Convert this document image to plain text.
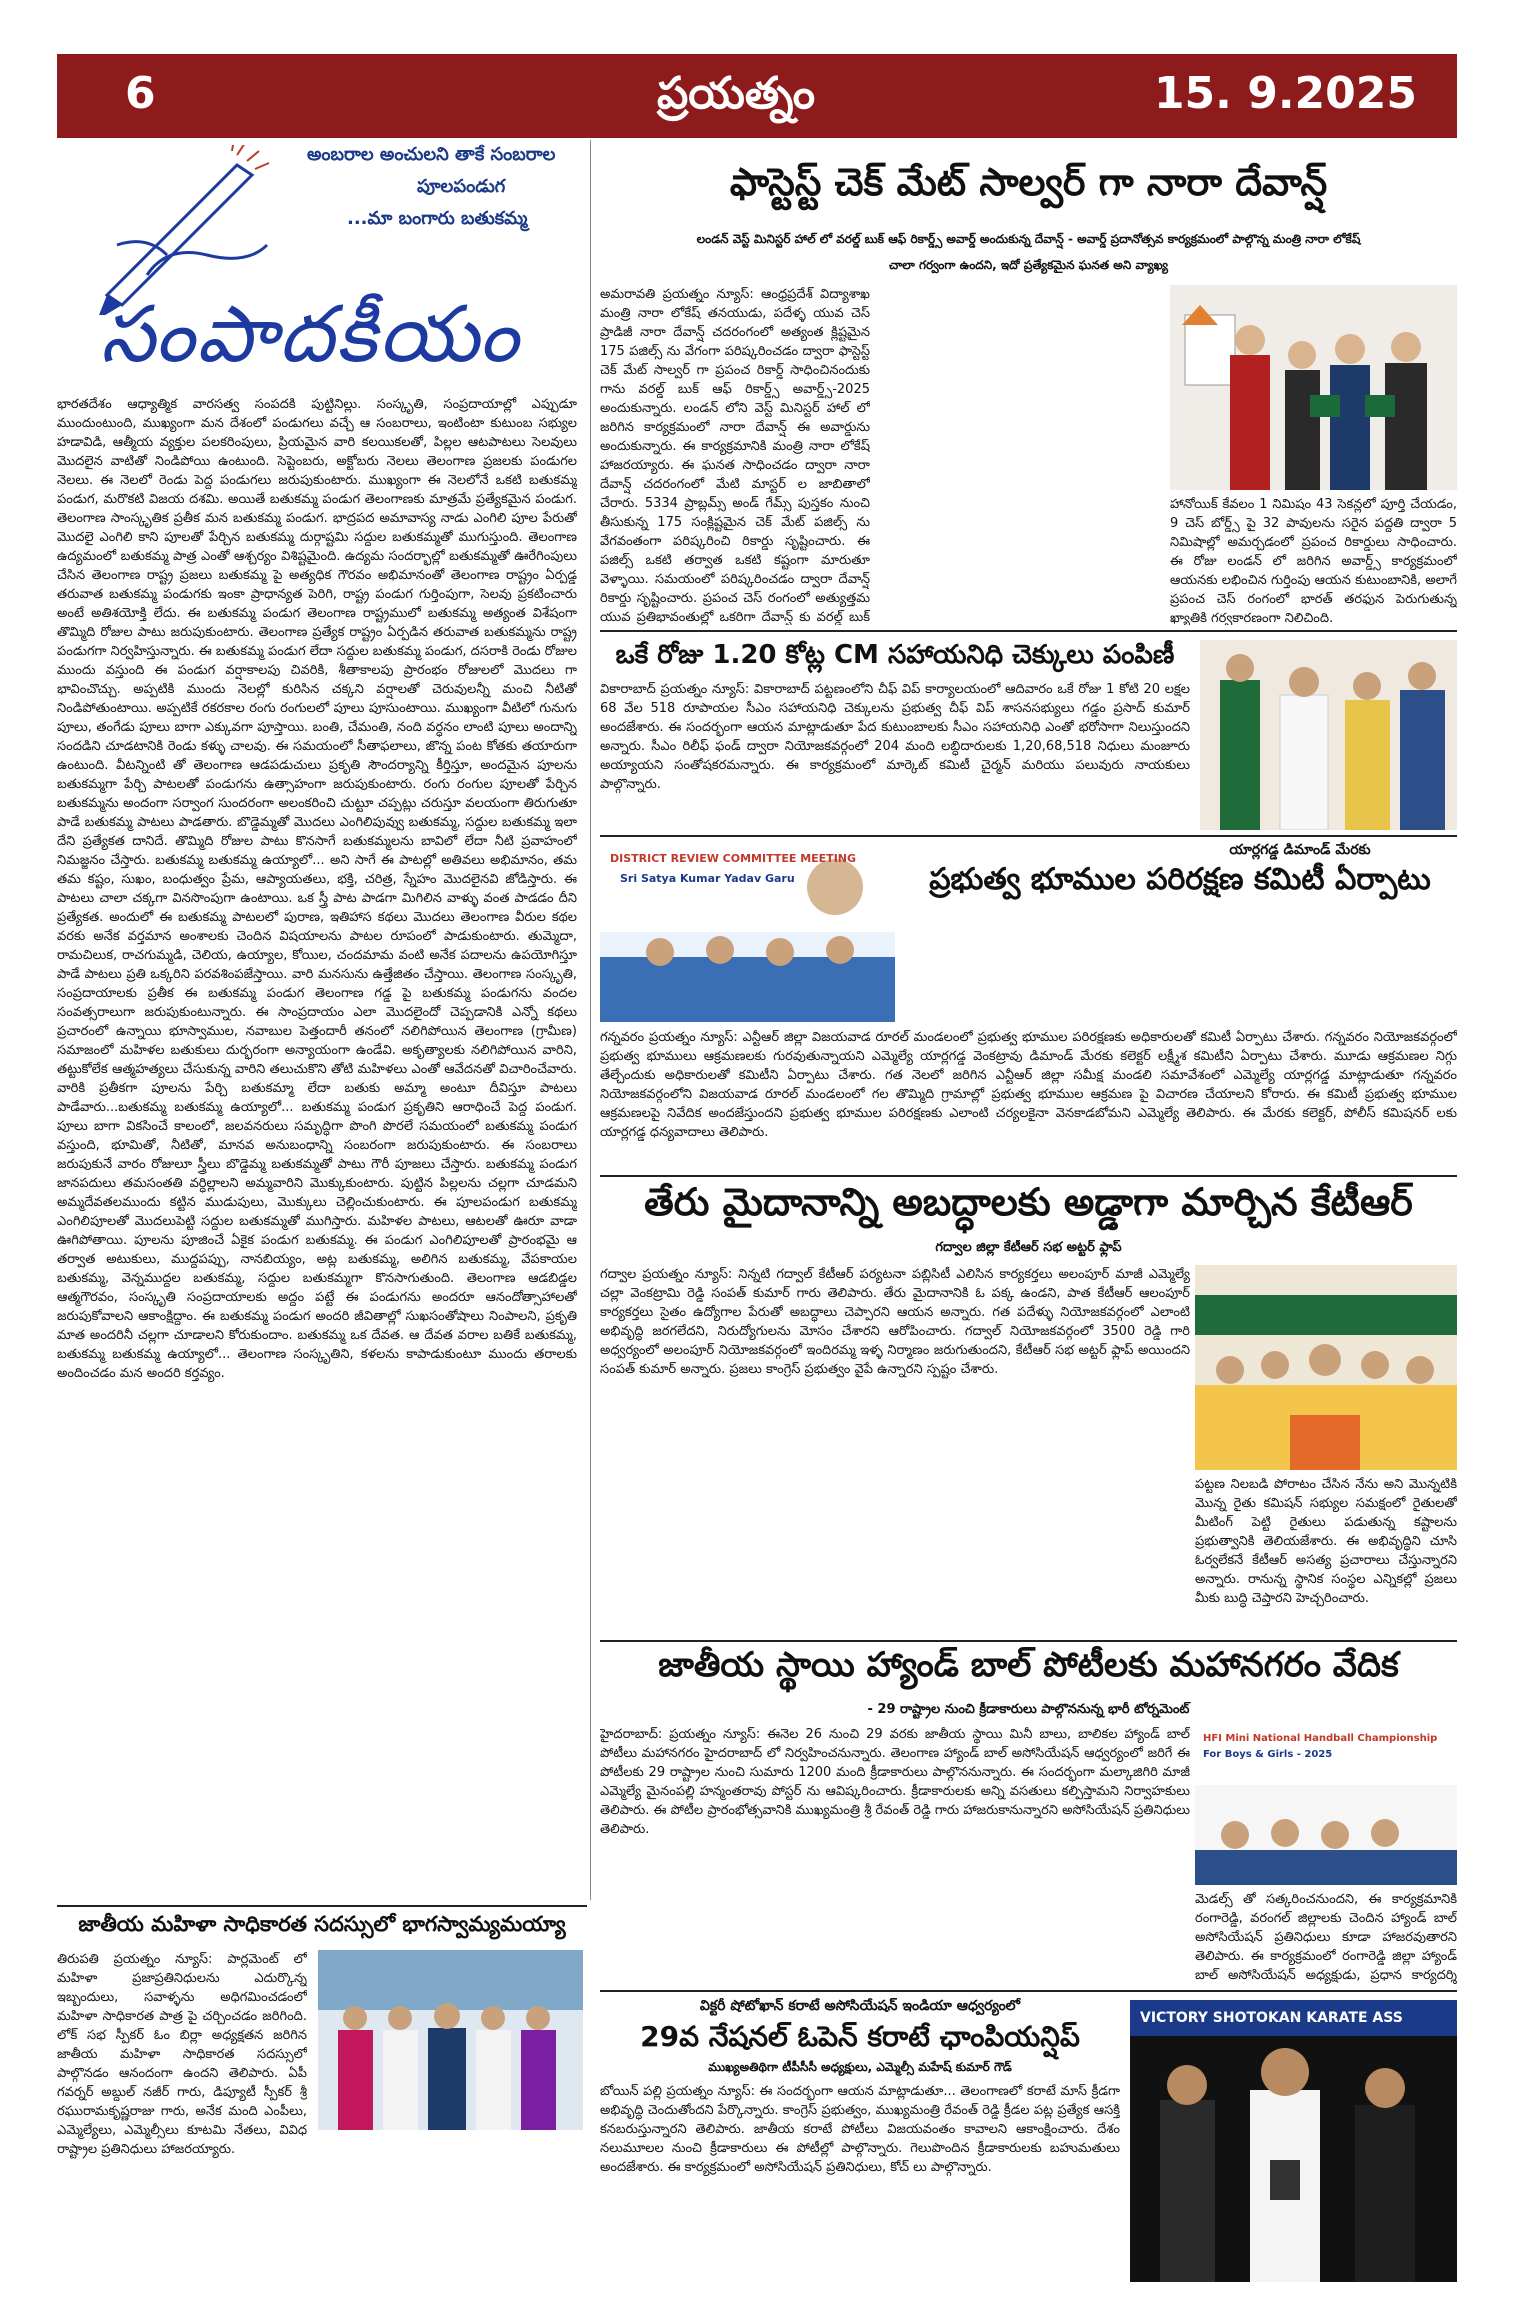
6	ప్రయత్నం	15. 9.2025
అంబరాల అంచులని తాకే సంబరాల
పూలపండుగ
...మా బంగారు బతుకమ్మ
సంపాదకీయం
భారతదేశం ఆధ్యాత్మిక వారసత్వ సంపదకి పుట్టినిల్లు. సంస్కృతి, సంప్రదాయాల్లో ఎప్పుడూ ముందుంటుంది, ముఖ్యంగా మన దేశంలో పండుగలు వచ్చే ఆ సంబరాలు, ఇంటింటా కుటుంబ సభ్యుల హడావిడి, ఆత్మీయ వ్యక్తుల పలకరింపులు, ప్రియమైన వారి కలయికలతో, పిల్లల ఆటపాటలు సెలవులు మొదలైన వాటితో నిండిపోయి ఉంటుంది. సెప్టెంబరు, అక్టోబరు నెలలు తెలంగాణ ప్రజలకు పండుగల నెలలు. ఈ నెలలో రెండు పెద్ద పండుగలు జరుపుకుంటారు. ముఖ్యంగా ఈ నెలలోనే ఒకటి బతుకమ్మ పండుగ, మరొకటి విజయ దశమి. అయితే బతుకమ్మ పండుగ తెలంగాణకు మాత్రమే ప్రత్యేకమైన పండుగ. తెలంగాణ సాంస్కృతిక ప్రతీక మన బతుకమ్మ పండుగ. భాద్రపద అమావాస్య నాడు ఎంగిలి పూల పేరుతో మొదలై ఎంగిలి కాని పూలతో పేర్చిన బతుకమ్మ దుర్గాష్టమి సద్దుల బతుకమ్మతో ముగుస్తుంది. తెలంగాణ ఉద్యమంలో బతుకమ్మ పాత్ర ఎంతో ఆశ్చర్యం విశిష్టమైంది. ఉద్యమ సందర్భాల్లో బతుకమ్మతో ఊరేగింపులు చేసిన తెలంగాణ రాష్ట్ర ప్రజలు బతుకమ్మ పై అత్యధిక గౌరవం అభిమానంతో తెలంగాణ రాష్ట్రం ఏర్పడ్డ తరువాత బతుకమ్మ పండుగకు ఇంకా ప్రాధాన్యత పెరిగి, రాష్ట్ర పండుగ గుర్తింపుగా, సెలవు ప్రకటించారు అంటే అతిశయోక్తి లేదు. ఈ బతుకమ్మ పండుగ తెలంగాణ రాష్ట్రములో బతుకమ్మ అత్యంత విశేషంగా తొమ్మిది రోజుల పాటు జరుపుకుంటారు. తెలంగాణ ప్రత్యేక రాష్ట్రం ఏర్పడిన తరువాత బతుకమ్మను రాష్ట్ర పండుగగా నిర్వహిస్తున్నారు. ఈ బతుకమ్మ పండుగ లేదా సద్దుల బతుకమ్మ పండుగ, దసరాకి రెండు రోజుల ముందు వస్తుంది ఈ పండుగ వర్షాకాలపు చివరికి, శీతాకాలపు ప్రారంభం రోజులలో మొదలు గా భావించొచ్చు. అప్పటికి ముందు నెలల్లో కురిసిన చక్కని వర్షాలతో చెరువులన్నీ మంచి నీటితో నిండిపోతుంటాయి. అప్పటికే రకరకాల రంగు రంగులలో పూలు పూసుంటాయి. ముఖ్యంగా వీటిలో గునుగు పూలు, తంగేడు పూలు బాగా ఎక్కువగా పూస్తాయి. బంతి, చేమంతి, నంది వర్ధనం లాంటి పూలు అందాన్ని సందడిని చూడటానికి రెండు కళ్ళు చాలవు. ఈ సమయంలో సీతాఫలాలు, జొన్న పంట కోతకు తయారుగా ఉంటుంది. వీటన్నింటి తో తెలంగాణ ఆడపడుచులు ప్రకృతి సౌందర్యాన్ని కీర్తిస్తూ, అందమైన పూలను బతుకమ్మగా పేర్చి పాటలతో పండుగను ఉత్సాహంగా జరుపుకుంటారు. రంగు రంగుల పూలతో పేర్చిన బతుకమ్మను అందంగా సర్వాంగ సుందరంగా అలంకరించి చుట్టూ చప్పట్లు చరుస్తూ వలయంగా తిరుగుతూ పాడే బతుకమ్మ పాటలు పాడతారు. బొడ్డెమ్మతో మొదలు ఎంగిలిపువ్వు బతుకమ్మ, సద్దుల బతుకమ్మ ఇలా దేని ప్రత్యేకత దానిదే. తొమ్మిది రోజుల పాటు కొనసాగే బతుకమ్మలను బావిలో లేదా నీటి ప్రవాహంలో నిమజ్జనం చేస్తారు. బతుకమ్మ బతుకమ్మ ఉయ్యాలో... అని సాగే ఈ పాటల్లో అతివలు అభిమానం, తమ తమ కష్టం, సుఖం, బంధుత్వం ప్రేమ, ఆప్యాయతలు, భక్తి, చరిత్ర, స్నేహం మొదలైనవి జోడిస్తారు. ఈ పాటలు చాలా చక్కగా వినసొంపుగా ఉంటాయి. ఒక స్త్రీ పాట పాడగా మిగిలిన వాళ్ళు వంత పాడడం దీని ప్రత్యేకత. అందులో ఈ బతుకమ్మ పాటలలో పురాణ, ఇతిహాస కథలు మొదలు తెలంగాణ వీరుల కథల వరకు అనేక వర్తమాన అంశాలకు చెందిన విషయాలను పాటల రూపంలో పాడుకుంటారు. తుమ్మెదా, రామచిలుక, రాచగుమ్మడి, చెలియ, ఉయ్యాల, కోయిల, చందమామ వంటి అనేక పదాలను ఉపయోగిస్తూ పాడే పాటలు ప్రతి ఒక్కరిని పరవశింపజేస్తాయి. వారి మనసును ఉత్తేజితం చేస్తాయి. తెలంగాణ సంస్కృతి, సంప్రదాయాలకు ప్రతీక ఈ బతుకమ్మ పండుగ తెలంగాణ గడ్డ పై బతుకమ్మ పండుగను వందల సంవత్సరాలుగా జరుపుకుంటున్నారు. ఈ సాంప్రదాయం ఎలా మొదలైందో చెప్పడానికి ఎన్నో కథలు ప్రచారంలో ఉన్నాయి భూస్వాముల, నవాబుల పెత్తందారీ తనంలో నలిగిపోయిన తెలంగాణ (గ్రామీణ) సమాజంలో మహిళల బతుకులు దుర్భరంగా అన్యాయంగా ఉండేవి. అకృత్యాలకు నలిగిపోయిన వారిని, తట్టుకోలేక ఆత్మహత్యలు చేసుకున్న వారిని తలుచుకొని తోటి మహిళలు ఎంతో ఆవేదనతో విచారించేవారు. వారికి ప్రతీకగా పూలను పేర్చి బతుకమ్మా లేదా బతుకు అమ్మా అంటూ దీవిస్తూ పాటలు పాడేవారు...బతుకమ్మ బతుకమ్మ ఉయ్యాలో... బతుకమ్మ పండుగ ప్రకృతిని ఆరాధించే పెద్ద పండుగ. పూలు బాగా వికసించే కాలంలో, జలవనరులు సమృద్ధిగా పొంగి పొరలే సమయంలో బతుకమ్మ పండుగ వస్తుంది, భూమితో, నీటితో, మానవ అనుబంధాన్ని సంబరంగా జరుపుకుంటారు. ఈ సంబరాలు జరుపుకునే వారం రోజులూ స్త్రీలు బొడ్డెమ్మ బతుకమ్మతో పాటు గౌరీ పూజలు చేస్తారు. బతుకమ్మ పండుగ జానపదులు తమసంతతి వర్ధిల్లాలని అమ్మవారిని మొక్కుకుంటారు. పుట్టిన పిల్లలను చల్లగా చూడమని అమ్మదేవతలముందు కట్టిన ముడుపులు, మొక్కులు చెల్లించుకుంటారు. ఈ పూలపండుగ బతుకమ్మ ఎంగిలిపూలతో మొదలుపెట్టి సద్దుల బతుకమ్మతో ముగిస్తారు. మహిళల పాటలు, ఆటలతో ఊరూ వాడా ఊగిపోతాయి. పూలను పూజించే ఏకైక పండుగ బతుకమ్మ. ఈ పండుగ ఎంగిలిపూలతో ప్రారంభమై ఆ తర్వాత అటుకులు, ముద్దపప్పు, నానబియ్యం, అట్ల బతుకమ్మ, అలిగిన బతుకమ్మ, వేపకాయల బతుకమ్మ, వెన్నముద్దల బతుకమ్మ, సద్దుల బతుకమ్మగా కొనసాగుతుంది. తెలంగాణ ఆడబిడ్డల ఆత్మగౌరవం, సంస్కృతి సంప్రదాయాలకు అద్దం పట్టే ఈ పండుగను అందరూ ఆనందోత్సాహాలతో జరుపుకోవాలని ఆకాంక్షిద్దాం. ఈ బతుకమ్మ పండుగ అందరి జీవితాల్లో సుఖసంతోషాలు నింపాలని, ప్రకృతి మాత అందరినీ చల్లగా చూడాలని కోరుకుందాం. బతుకమ్మ ఒక దేవత. ఆ దేవత వరాల బతికే బతుకమ్మ, బతుకమ్మ బతుకమ్మ ఉయ్యాలో... తెలంగాణ సంస్కృతిని, కళలను కాపాడుకుంటూ ముందు తరాలకు అందించడం మన అందరి కర్తవ్యం.
ఫాస్టెస్ట్ చెక్ మేట్ సాల్వర్ గా నారా దేవాన్ష్
లండన్ వెస్ట్ మినిస్టర్ హాల్ లో వరల్డ్ బుక్ ఆఫ్ రికార్డ్స్ అవార్డ్ అందుకున్న దేవాన్ష్ - అవార్డ్ ప్రదానోత్సవ కార్యక్రమంలో పాల్గొన్న మంత్రి నారా లోకేష్
చాలా గర్వంగా ఉందని, ఇదో ప్రత్యేకమైన ఘనత అని వ్యాఖ్య
అమరావతి ప్రయత్నం న్యూస్: ఆంధ్రప్రదేశ్ విద్యాశాఖ మంత్రి నారా లోకేష్ తనయుడు, పదేళ్ళ యువ చెస్ ప్రాడిజీ నారా దేవాన్ష్ చదరంగంలో అత్యంత క్లిష్టమైన 175 పజిల్స్ ను వేగంగా పరిష్కరించడం ద్వారా ఫాస్టెస్ట్ చెక్ మేట్ సాల్వర్ గా ప్రపంచ రికార్డ్ సాధించినందుకు గాను వరల్డ్ బుక్ ఆఫ్ రికార్డ్స్ అవార్డ్స్-2025 అందుకున్నారు. లండన్ లోని వెస్ట్ మినిస్టర్ హాల్ లో జరిగిన కార్యక్రమంలో నారా దేవాన్ష్ ఈ అవార్డును అందుకున్నారు. ఈ కార్యక్రమానికి మంత్రి నారా లోకేష్ హాజరయ్యారు. ఈ ఘనత సాధించడం ద్వారా నారా దేవాన్ష్ చదరంగంలో మేటి మాస్టర్ ల జాబితాలో చేరారు. 5334 ప్రాబ్లమ్స్ అండ్ గేమ్స్ పుస్తకం నుంచి తీసుకున్న 175 సంక్లిష్టమైన చెక్ మేట్ పజిల్స్ ను వేగవంతంగా పరిష్కరించి రికార్డు సృష్టించారు. ఈ పజిల్స్ ఒకటి తర్వాత ఒకటి కష్టంగా మారుతూ వెళ్ళాయి. సమయంలో పరిష్కరించడం ద్వారా దేవాన్ష్ రికార్డు సృష్టించారు. ప్రపంచ చెస్ రంగంలో అత్యుత్తమ యువ ప్రతిభావంతుల్లో ఒకరిగా దేవాన్ష్ కు వరల్డ్ బుక్
హానోయిక్ కేవలం 1 నిమిషం 43 సెకన్లలో పూర్తి చేయడం, 9 చెస్ బోర్డ్స్ పై 32 పావులను సరైన పద్దతి ద్వారా 5 నిమిషాల్లో అమర్చడంలో ప్రపంచ రికార్డులు సాధించారు. ఈ రోజు లండన్ లో జరిగిన అవార్డ్స్ కార్యక్రమంలో ఆయనకు లభించిన గుర్తింపు ఆయన కుటుంబానికి, అలాగే ప్రపంచ చెస్ రంగంలో భారత్ తరఫున పెరుగుతున్న ఖ్యాతికి గర్వకారణంగా నిలిచింది.
ఒకే రోజు 1.20 కోట్ల CM సహాయనిధి చెక్కులు పంపిణీ
వికారాబాద్ ప్రయత్నం న్యూస్: వికారాబాద్ పట్టణంలోని చీఫ్ విప్ కార్యాలయంలో ఆదివారం ఒకే రోజు 1 కోటి 20 లక్షల 68 వేల 518 రూపాయల సీఎం సహాయనిధి చెక్కులను ప్రభుత్వ చీఫ్ విప్ శాసనసభ్యులు గడ్డం ప్రసాద్ కుమార్ అందజేశారు. ఈ సందర్భంగా ఆయన మాట్లాడుతూ పేద కుటుంబాలకు సీఎం సహాయనిధి ఎంతో భరోసాగా నిలుస్తుందని అన్నారు. సీఎం రిలీఫ్ ఫండ్ ద్వారా నియోజకవర్గంలో 204 మంది లబ్ధిదారులకు 1,20,68,518 నిధులు మంజూరు అయ్యాయని సంతోషకరమన్నారు. ఈ కార్యక్రమంలో మార్కెట్ కమిటీ చైర్మన్ మరియు పలువురు నాయకులు పాల్గొన్నారు.
యార్లగడ్డ డిమాండ్ మేరకు
ప్రభుత్వ భూముల పరిరక్షణ కమిటీ ఏర్పాటు
DISTRICT REVIEW COMMITTEE MEETING
Sri Satya Kumar Yadav Garu
గన్నవరం ప్రయత్నం న్యూస్: ఎన్టీఆర్ జిల్లా విజయవాడ రూరల్ మండలంలో ప్రభుత్వ భూముల పరిరక్షణకు అధికారులతో కమిటీ ఏర్పాటు చేశారు. గన్నవరం నియోజకవర్గంలో ప్రభుత్వ భూములు ఆక్రమణలకు గురవుతున్నాయని ఎమ్మెల్యే యార్లగడ్డ వెంకట్రావు డిమాండ్ మేరకు కలెక్టర్ లక్ష్మీశ కమిటీని ఏర్పాటు చేశారు. మూడు ఆక్రమణల నిగ్గు తేల్చేందుకు అధికారులతో కమిటీని ఏర్పాటు చేశారు. గత నెలలో జరిగిన ఎన్టీఆర్ జిల్లా సమీక్ష మండలి సమావేశంలో ఎమ్మెల్యే యార్లగడ్డ మాట్లాడుతూ గన్నవరం నియోజకవర్గంలోని విజయవాడ రూరల్ మండలంలో గల తొమ్మిది గ్రామాల్లో ప్రభుత్వ భూముల ఆక్రమణ పై విచారణ చేయాలని కోరారు. ఈ కమిటీ ప్రభుత్వ భూముల ఆక్రమణలపై నివేదిక అందజేస్తుందని ప్రభుత్వ భూముల పరిరక్షణకు ఎలాంటి చర్యలకైనా వెనకాడబోమని ఎమ్మెల్యే తెలిపారు. ఈ మేరకు కలెక్టర్, పోలీస్ కమిషనర్ లకు యార్లగడ్డ ధన్యవాదాలు తెలిపారు.
తేరు మైదానాన్ని అబద్ధాలకు అడ్డాగా మార్చిన కేటీఆర్
గద్వాల జిల్లా కేటీఆర్ సభ అట్టర్ ఫ్లాప్
గద్వాల ప్రయత్నం న్యూస్: నిన్నటి గద్వాల్ కేటీఆర్ పర్యటనా పబ్లిసిటీ ఎలిసిన కార్యకర్తలు అలంపూర్ మాజీ ఎమ్మెల్యే చల్లా వెంకట్రామి రెడ్డి సంపత్ కుమార్ గారు తెలిపారు. తేరు మైదానానికి ఓ పక్క ఉండని, పాత కేటీఆర్ ఆలంపూర్ కార్యకర్తలు సైతం ఉద్యోగాల పేరుతో అబద్ధాలు చెప్పారని ఆయన అన్నారు. గత పదేళ్ళు నియోజకవర్గంలో ఎలాంటి అభివృద్ధి జరగలేదని, నిరుద్యోగులను మోసం చేశారని ఆరోపించారు. గద్వాల్ నియోజకవర్గంలో 3500 రెడ్డి గారి అధ్వర్యంలో అలంపూర్ నియోజకవర్గంలో ఇందిరమ్మ ఇళ్ళ నిర్మాణం జరుగుతుందని, కేటీఆర్ సభ అట్టర్ ఫ్లాప్ అయిందని సంపత్ కుమార్ అన్నారు. ప్రజలు కాంగ్రెస్ ప్రభుత్వం వైపే ఉన్నారని స్పష్టం చేశారు.
పట్టణ నిలబడి పోరాటం చేసిన నేను అని మొన్నటికి మొన్న రైతు కమిషన్ సభ్యుల సమక్షంలో రైతులతో మీటింగ్ పెట్టి రైతులు పడుతున్న కష్టాలను ప్రభుత్వానికి తెలియజేశారు. ఈ అభివృద్ధిని చూసి ఓర్వలేకనే కేటీఆర్ అసత్య ప్రచారాలు చేస్తున్నారని అన్నారు. రానున్న స్థానిక సంస్థల ఎన్నికల్లో ప్రజలు మీకు బుద్ధి చెప్తారని హెచ్చరించారు.
జాతీయ స్థాయి హ్యాండ్ బాల్ పోటీలకు మహానగరం వేదిక
- 29 రాష్ట్రాల నుంచి క్రీడాకారులు పాల్గొననున్న భారీ టోర్నమెంట్
హైదరాబాద్: ప్రయత్నం న్యూస్: ఈనెల 26 నుంచి 29 వరకు జాతీయ స్థాయి మినీ బాలు, బాలికల హ్యాండ్ బాల్ పోటీలు మహానగరం హైదరాబాద్ లో నిర్వహించనున్నారు. తెలంగాణ హ్యాండ్ బాల్ అసోసియేషన్ ఆధ్వర్యంలో జరిగే ఈ పోటీలకు 29 రాష్ట్రాల నుంచి సుమారు 1200 మంది క్రీడాకారులు పాల్గొననున్నారు. ఈ సందర్భంగా మల్కాజిగిరి మాజీ ఎమ్మెల్యే మైనంపల్లి హన్మంతరావు పోస్టర్ ను ఆవిష్కరించారు. క్రీడాకారులకు అన్ని వసతులు కల్పిస్తామని నిర్వాహకులు తెలిపారు. ఈ పోటీల ప్రారంభోత్సవానికి ముఖ్యమంత్రి శ్రీ రేవంత్ రెడ్డి గారు హాజరుకానున్నారని అసోసియేషన్ ప్రతినిధులు తెలిపారు.
HFI Mini National Handball Championship
For Boys & Girls - 2025
మెడల్స్ తో సత్కరించనుందని, ఈ కార్యక్రమానికి రంగారెడ్డి, వరంగల్ జిల్లాలకు చెందిన హ్యాండ్ బాల్ అసోసియేషన్ ప్రతినిధులు కూడా హాజరవుతారని తెలిపారు. ఈ కార్యక్రమంలో రంగారెడ్డి జిల్లా హ్యాండ్ బాల్ అసోసియేషన్ అధ్యక్షుడు, ప్రధాన కార్యదర్శి
జాతీయ మహిళా సాధికారత సదస్సులో భాగస్వామ్యమయ్యా
తిరుపతి ప్రయత్నం న్యూస్: పార్లమెంట్ లో మహిళా ప్రజాప్రతినిధులను ఎదుర్కొన్న ఇబ్బందులు, సవాళ్ళను అధిగమించడంలో మహిళా సాధికారత పాత్ర పై చర్చించడం జరిగింది. లోక్ సభ స్పీకర్ ఓం బిర్లా అధ్యక్షతన జరిగిన జాతీయ మహిళా సాధికారత సదస్సులో పాల్గొనడం ఆనందంగా ఉందని తెలిపారు. ఏపీ గవర్నర్ అబ్దుల్ నజీర్ గారు, డిప్యూటీ స్పీకర్ శ్రీ రఘురామకృష్ణరాజు గారు, అనేక మంది ఎంపీలు, ఎమ్మెల్యేలు, ఎమ్మెల్సీలు కూటమి నేతలు, వివిధ రాష్ట్రాల ప్రతినిధులు హాజరయ్యారు.
విక్టరీ షోటోఖాన్ కరాటే అసోసియేషన్ ఇండియా ఆధ్వర్యంలో
29వ నేషనల్ ఓపెన్ కరాటే ఛాంపియన్షిప్
ముఖ్యఅతిథిగా టీపీసీసీ అధ్యక్షులు, ఎమ్మెల్సీ మహేష్ కుమార్ గౌడ్
బోయిన్ పల్లి ప్రయత్నం న్యూస్: ఈ సందర్భంగా ఆయన మాట్లాడుతూ... తెలంగాణలో కరాటే మాస్ క్రీడగా అభివృద్ధి చెందుతోందని పేర్కొన్నారు. కాంగ్రెస్ ప్రభుత్వం, ముఖ్యమంత్రి రేవంత్ రెడ్డి క్రీడల పట్ల ప్రత్యేక ఆసక్తి కనబరుస్తున్నారని తెలిపారు. జాతీయ కరాటే పోటీలు విజయవంతం కావాలని ఆకాంక్షించారు. దేశం నలుమూలల నుంచి క్రీడాకారులు ఈ పోటీల్లో పాల్గొన్నారు. గెలుపొందిన క్రీడాకారులకు బహుమతులు అందజేశారు. ఈ కార్యక్రమంలో అసోసియేషన్ ప్రతినిధులు, కోచ్ లు పాల్గొన్నారు.
VICTORY SHOTOKAN KARATE ASS
